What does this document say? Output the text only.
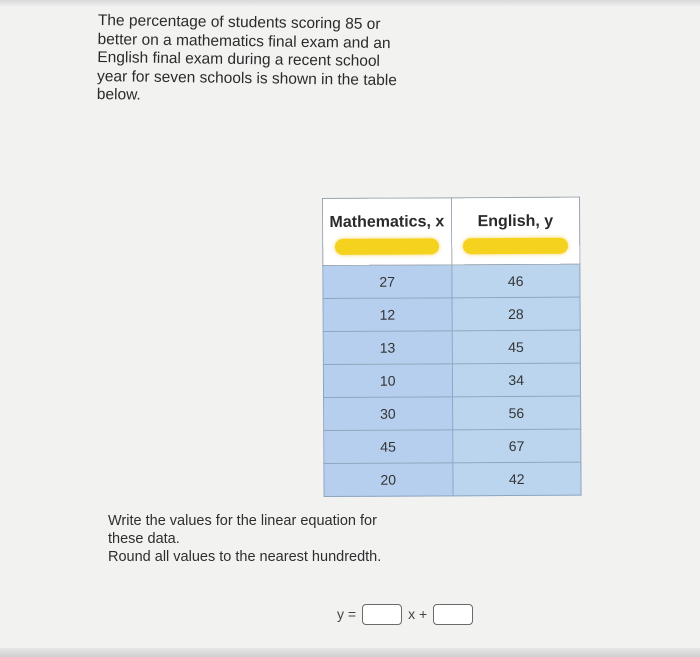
The percentage of students scoring 85 or
better on a mathematics final exam and an
English final exam during a recent school
year for seven schools is shown in the table
below.
Mathematics, x	English, y

27	46
12	28
13	45
10	34
30	56
45	67
20	42
Write the values for the linear equation for
these data.
Round all values to the nearest hundredth.
y =	x +
